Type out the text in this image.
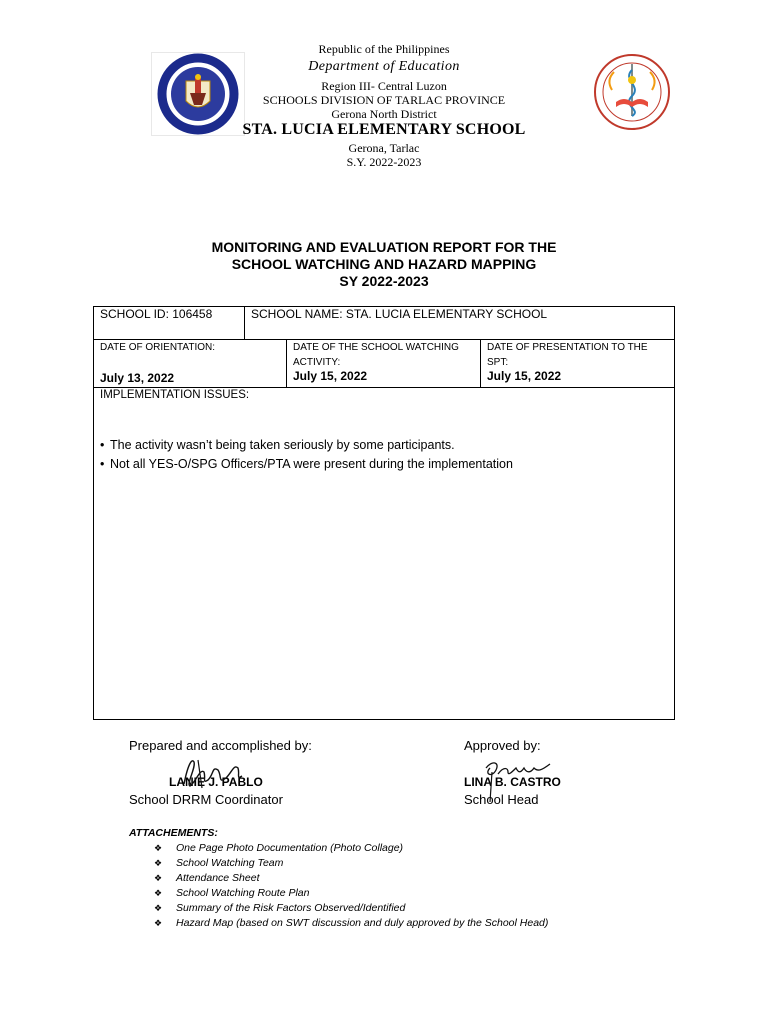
Republic of the Philippines
Department of Education
Region III- Central Luzon
SCHOOLS DIVISION OF TARLAC PROVINCE
Gerona North District
STA. LUCIA ELEMENTARY SCHOOL
Gerona, Tarlac
S.Y. 2022-2023
MONITORING AND EVALUATION REPORT FOR THE
SCHOOL WATCHING AND HAZARD MAPPING
SY 2022-2023
SCHOOL ID: 106458	SCHOOL NAME: STA. LUCIA ELEMENTARY SCHOOL
DATE OF ORIENTATION:
July 13, 2022
DATE OF THE SCHOOL WATCHING
ACTIVITY:
July 15, 2022
DATE OF PRESENTATION TO THE
SPT:
July 15, 2022
IMPLEMENTATION ISSUES:
• The activity wasn’t being taken seriously by some participants.
• Not all YES-O/SPG Officers/PTA were present during the implementation
Prepared and accomplished by:	Approved by:
LANIE J. PABLO	LINA B. CASTRO
School DRRM Coordinator	School Head
ATTACHEMENTS:
❖ One Page Photo Documentation (Photo Collage)
❖ School Watching Team
❖ Attendance Sheet
❖ School Watching Route Plan
❖ Summary of the Risk Factors Observed/Identified
❖ Hazard Map (based on SWT discussion and duly approved by the School Head)
